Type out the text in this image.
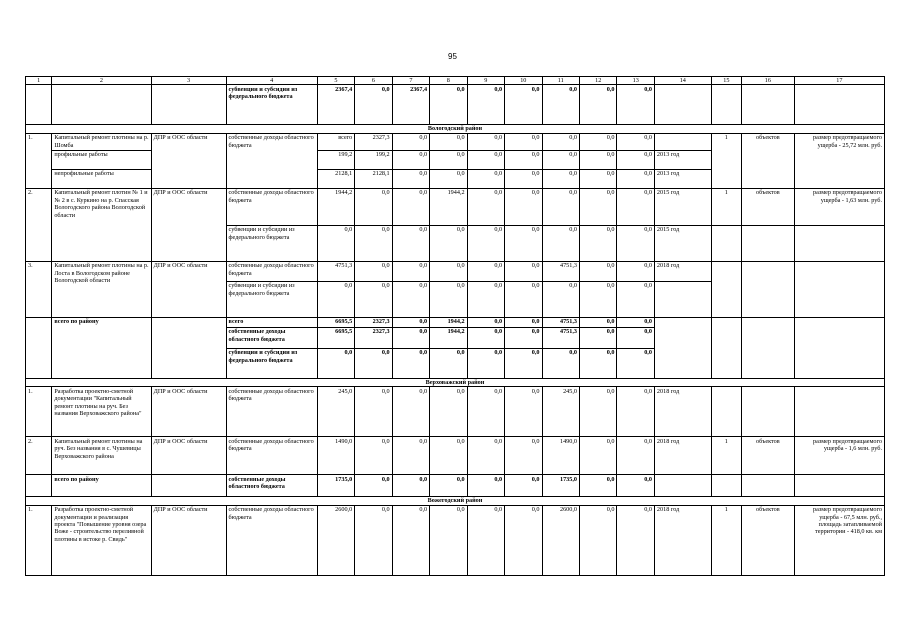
95
1	2	3	4	5	6	7	8	9	10	11	12	13	14	15	16	17
			субвенции и субсидии из федерального бюджета	2367,4	0,0	2367,4	0,0	0,0	0,0	0,0	0,0	0,0				
Вологодский район																
1.	Капитальный ремонт плотины на р. Шомба	ДПР и ООС области	собственные доходы областного бюджета	всего	2327,3	0,0	0,0	0,0	0,0	0,0	0,0	0,0		1	объектов	размер предотвращаемого ущерба - 25,72 млн. руб.
	профильные работы			199,2	199,2	0,0	0,0	0,0	0,0	0,0	0,0	0,0	2013 год			
	непрофильные работы			2128,1	2128,1	0,0	0,0	0,0	0,0	0,0	0,0	0,0	2013 год			
2.	Капитальный ремонт плотин № 1 и № 2 в с. Куркино на р. Спасская Вологодского района Вологодской области	ДПР и ООС области	собственные доходы областного бюджета	1944,2	0,0	0,0	1944,2	0,0	0,0	0,0	0,0	0,0	2015 год	1	объектов	размер предотвращаемого ущерба - 1,63 млн. руб.
			субвенции и субсидии из федерального бюджета	0,0	0,0	0,0	0,0	0,0	0,0	0,0	0,0	0,0	2015 год			
3.	Капитальный ремонт плотины на р. Лоста в Вологодском районе Вологодской области	ДПР и ООС области	собственные доходы областного бюджета	4751,3	0,0	0,0	0,0	0,0	0,0	4751,3	0,0	0,0	2018 год			
			субвенции и субсидии из федерального бюджета	0,0	0,0	0,0	0,0	0,0	0,0	0,0	0,0	0,0				
	всего по району		всего	6695,5	2327,3	0,0	1944,2	0,0	0,0	4751,3	0,0	0,0				
			собственные доходы областного бюджета	6695,5	2327,3	0,0	1944,2	0,0	0,0	4751,3	0,0	0,0				
			субвенции и субсидии из федерального бюджета	0,0	0,0	0,0	0,0	0,0	0,0	0,0	0,0	0,0				
Верховажский район																
1.	Разработка проектно-сметной документации "Капитальный ремонт плотины на руч. Без названия Верховажского района"	ДПР и ООС области	собственные доходы областного бюджета	245,0	0,0	0,0	0,0	0,0	0,0	245,0	0,0	0,0	2018 год			
2.	Капитальный ремонт плотины на руч. Без названия в с. Чушевицы Верховажского района	ДПР и ООС области	собственные доходы областного бюджета	1490,0	0,0	0,0	0,0	0,0	0,0	1490,0	0,0	0,0	2018 год	1	объектов	размер предотвращаемого ущерба - 1,6 млн. руб.
	всего по району		собственные доходы областного бюджета	1735,0	0,0	0,0	0,0	0,0	0,0	1735,0	0,0	0,0				
Вожегодский район																
1.	Разработка проектно-сметной документации и реализация проекта "Повышение уровня озера Воже - строительство переливной плотины в истоке р. Свидь"	ДПР и ООС области	собственные доходы областного бюджета	2600,0	0,0	0,0	0,0	0,0	0,0	2600,0	0,0	0,0	2018 год	1	объектов	размер предотвращаемого ущерба - 67,5 млн. руб., площадь затапливаемой территории - 418,0 кв. км
